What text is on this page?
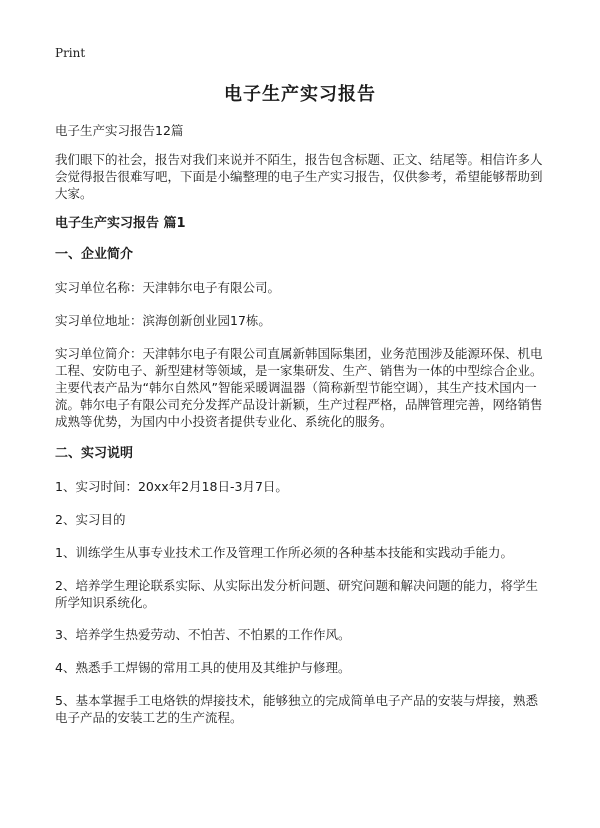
Print
电子生产实习报告

电子生产实习报告12篇

我们眼下的社会，报告对我们来说并不陌生，报告包含标题、正文、结尾等。相信许多人会觉得报告很难写吧，下面是小编整理的电子生产实习报告，仅供参考，希望能够帮助到大家。

电子生产实习报告 篇1

一、企业简介

实习单位名称：天津韩尔电子有限公司。

实习单位地址：滨海创新创业园17栋。

实习单位简介：天津韩尔电子有限公司直属新韩国际集团，业务范围涉及能源环保、机电工程、安防电子、新型建材等领域，是一家集研发、生产、销售为一体的中型综合企业。主要代表产品为“韩尔自然风”智能采暖调温器（简称新型节能空调），其生产技术国内一流。韩尔电子有限公司充分发挥产品设计新颖，生产过程严格，品牌管理完善，网络销售成熟等优势，为国内中小投资者提供专业化、系统化的服务。

二、实习说明

1、实习时间：20xx年2月18日-3月7日。

2、实习目的

1、训练学生从事专业技术工作及管理工作所必须的各种基本技能和实践动手能力。

2、培养学生理论联系实际、从实际出发分析问题、研究问题和解决问题的能力，将学生所学知识系统化。

3、培养学生热爱劳动、不怕苦、不怕累的工作作风。

4、熟悉手工焊锡的常用工具的使用及其维护与修理。

5、基本掌握手工电烙铁的焊接技术，能够独立的完成简单电子产品的安装与焊接，熟悉电子产品的安装工艺的生产流程。
